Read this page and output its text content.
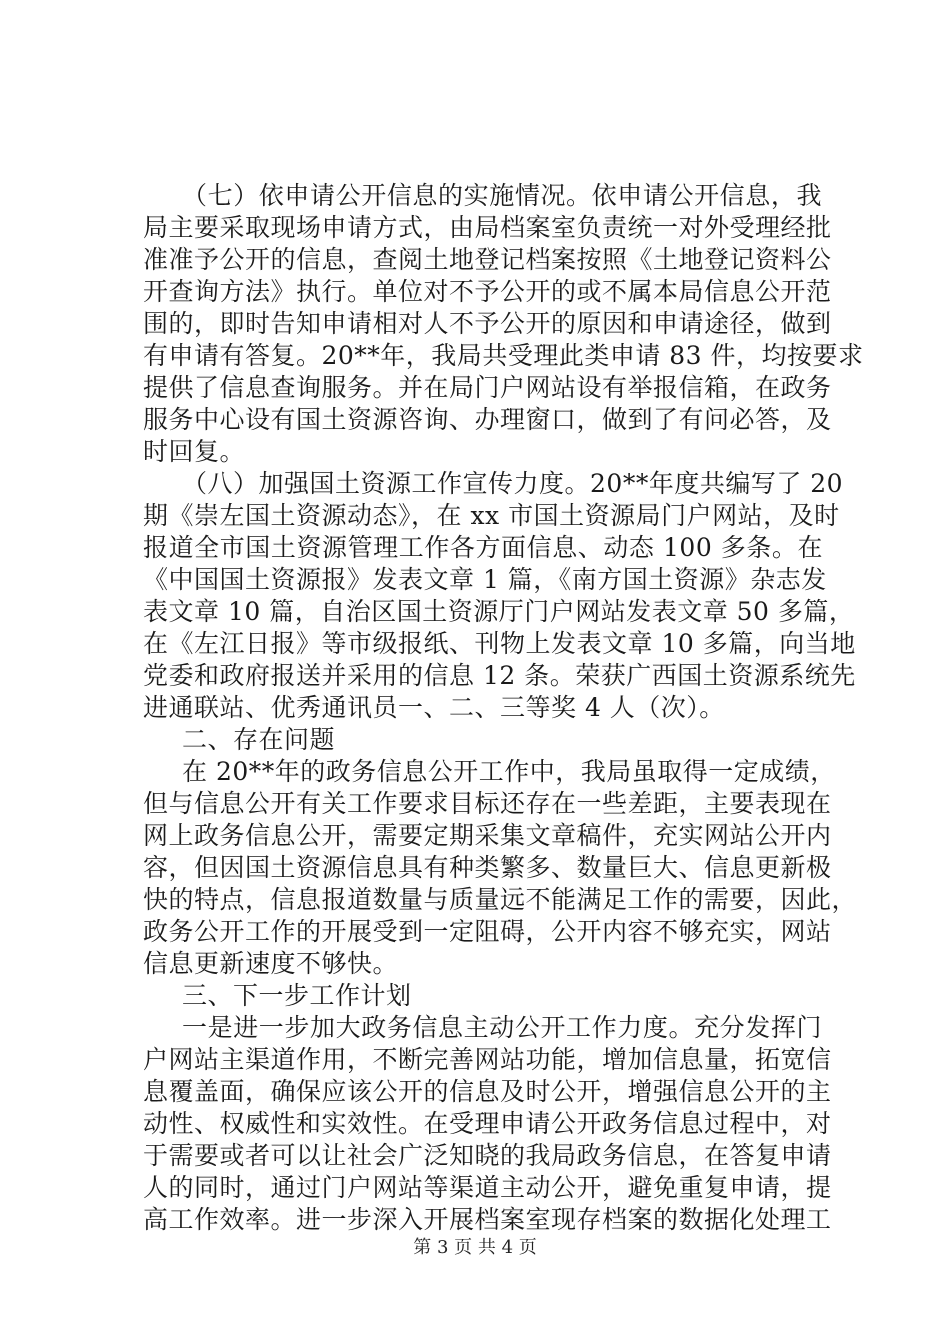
（七）依申请公开信息的实施情况。依申请公开信息，我
局主要采取现场申请方式，由局档案室负责统一对外受理经批
准准予公开的信息，查阅土地登记档案按照《土地登记资料公
开查询方法》执行。单位对不予公开的或不属本局信息公开范
围的，即时告知申请相对人不予公开的原因和申请途径，做到
有申请有答复。20**年，我局共受理此类申请 83 件，均按要求
提供了信息查询服务。并在局门户网站设有举报信箱，在政务
服务中心设有国土资源咨询、办理窗口，做到了有问必答，及
时回复。
（八）加强国土资源工作宣传力度。20**年度共编写了 20
期《崇左国土资源动态》，在 xx 市国土资源局门户网站，及时
报道全市国土资源管理工作各方面信息、动态 100 多条。在
《中国国土资源报》发表文章 1 篇，《南方国土资源》杂志发
表文章 10 篇，自治区国土资源厅门户网站发表文章 50 多篇，
在《左江日报》等市级报纸、刊物上发表文章 10 多篇，向当地
党委和政府报送并采用的信息 12 条。荣获广西国土资源系统先
进通联站、优秀通讯员一、二、三等奖 4 人（次）。
二、存在问题
在 20**年的政务信息公开工作中，我局虽取得一定成绩，
但与信息公开有关工作要求目标还存在一些差距，主要表现在
网上政务信息公开，需要定期采集文章稿件，充实网站公开内
容，但因国土资源信息具有种类繁多、数量巨大、信息更新极
快的特点，信息报道数量与质量远不能满足工作的需要，因此，
政务公开工作的开展受到一定阻碍，公开内容不够充实，网站
信息更新速度不够快。
三、下一步工作计划
一是进一步加大政务信息主动公开工作力度。充分发挥门
户网站主渠道作用，不断完善网站功能，增加信息量，拓宽信
息覆盖面，确保应该公开的信息及时公开，增强信息公开的主
动性、权威性和实效性。在受理申请公开政务信息过程中，对
于需要或者可以让社会广泛知晓的我局政务信息，在答复申请
人的同时，通过门户网站等渠道主动公开，避免重复申请，提
高工作效率。进一步深入开展档案室现存档案的数据化处理工
第 3 页 共 4 页
